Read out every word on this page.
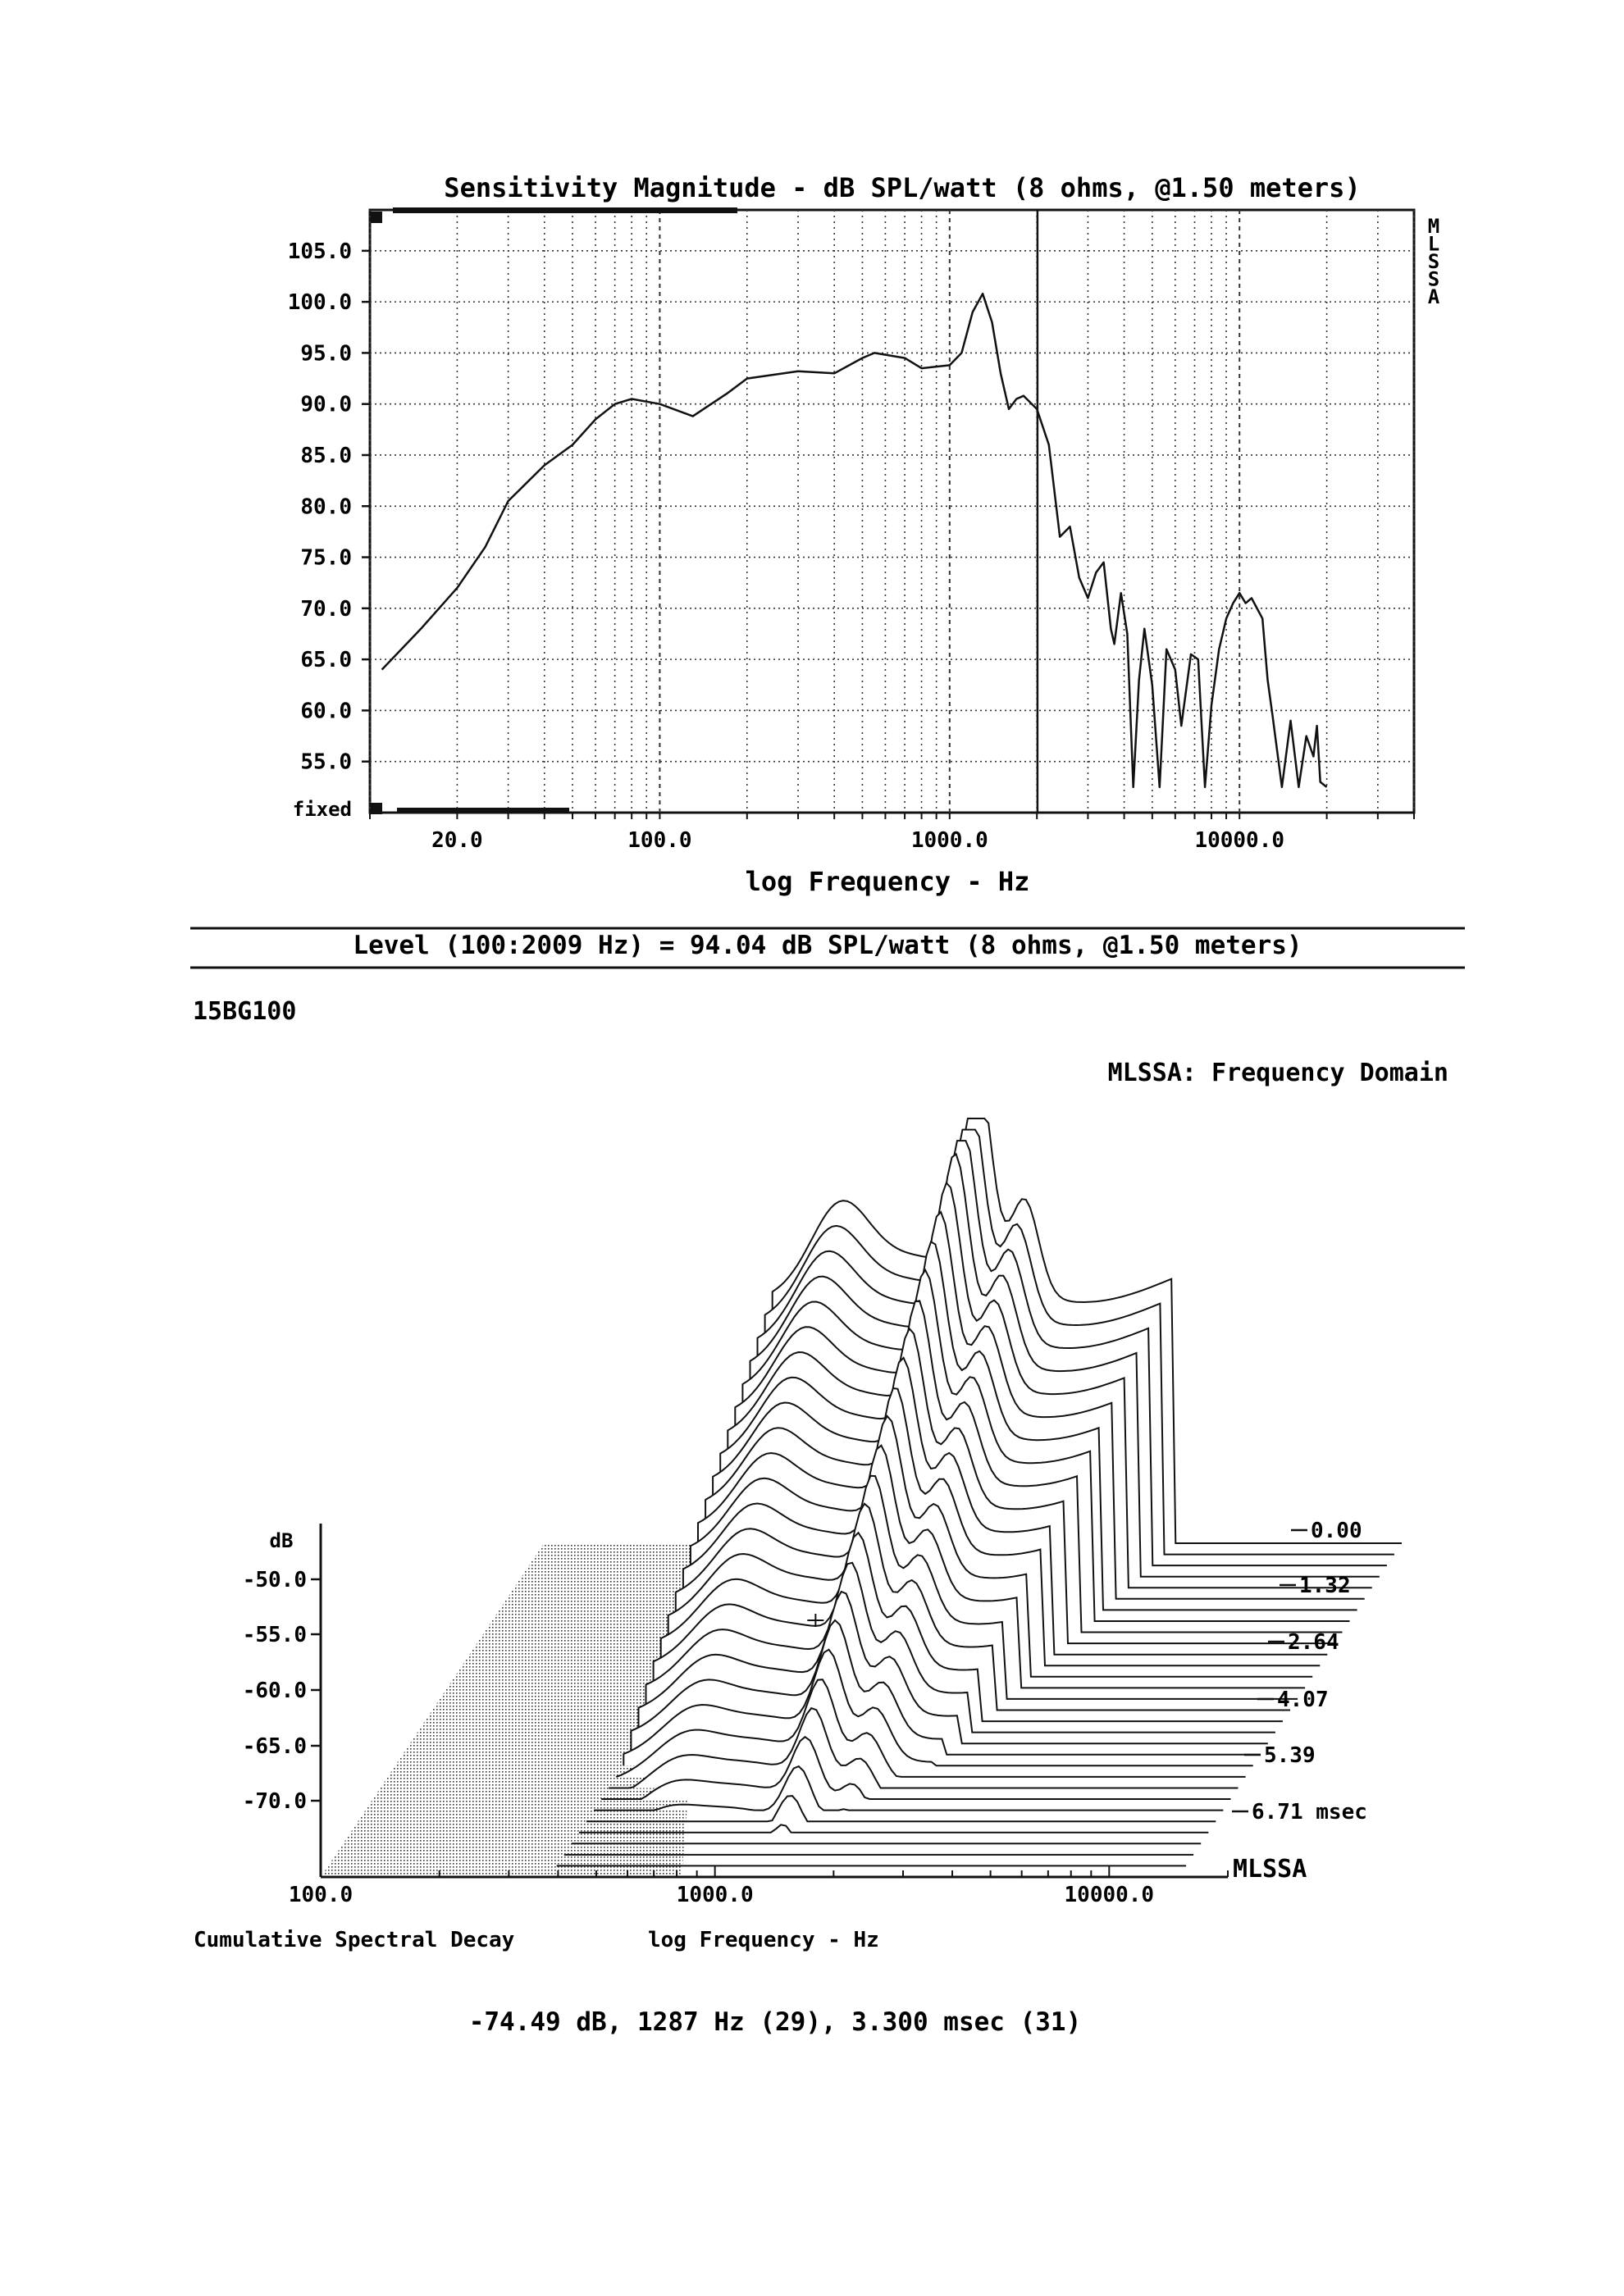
Sensitivity Magnitude - dB SPL/watt (8 ohms, @1.50 meters)
55.0
60.0
65.0
70.0
75.0
80.0
85.0
90.0
95.0
100.0
105.0
fixed
20.0	100.0	1000.0	10000.0
log Frequency - Hz
M
L
S
S
A
Level (100:2009 Hz) = 94.04 dB SPL/watt (8 ohms, @1.50 meters)
15BG100
MLSSA: Frequency Domain
-50.0
-55.0
-60.0
-65.0
-70.0
100.0	1000.0	10000.0
0.00
1.32
2.64
4.07
5.39
6.71 msec
dB
Cumulative Spectral Decay	log Frequency - Hz
MLSSA
-74.49 dB, 1287 Hz (29), 3.300 msec (31)
